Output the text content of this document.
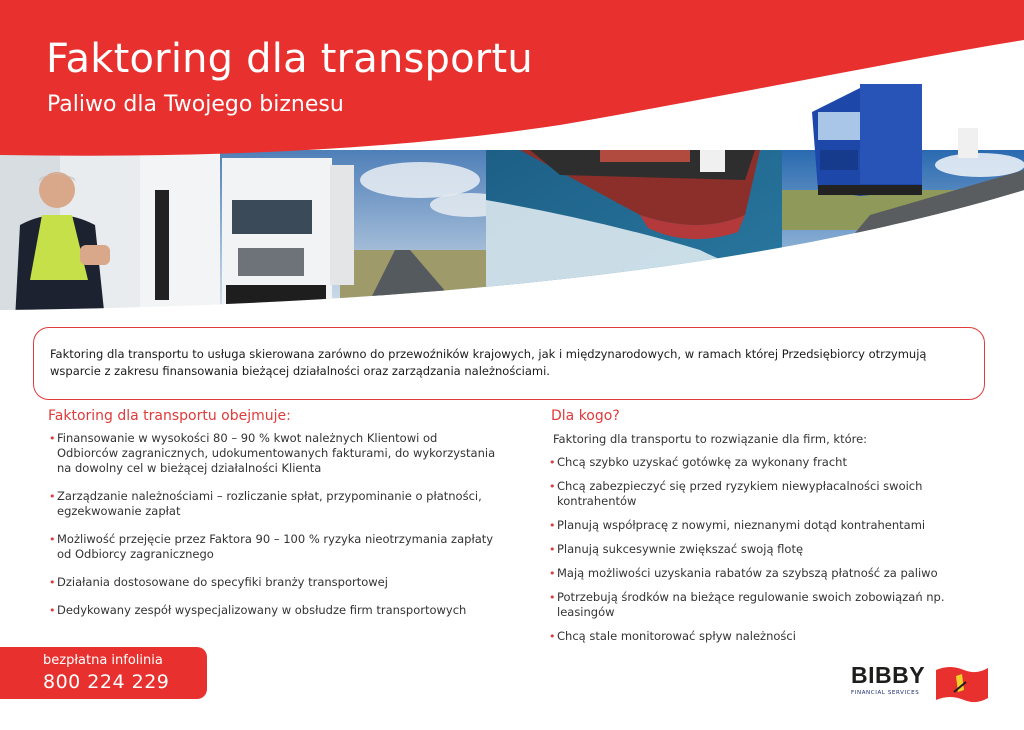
Faktoring dla transportu
Paliwo dla Twojego biznesu
Faktoring dla transportu to usługa skierowana zarówno do przewoźników krajowych, jak i międzynarodowych, w ramach której Przedsiębiorcy otrzymują wsparcie z zakresu finansowania bieżącej działalności oraz zarządzania należnościami.
Faktoring dla transportu obejmuje:
• Finansowanie w wysokości 80 – 90 % kwot należnych Klientowi od Odbiorców zagranicznych, udokumentowanych fakturami, do wykorzystania na dowolny cel w bieżącej działalności Klienta
• Zarządzanie należnościami – rozliczanie spłat, przypominanie o płatności, egzekwowanie zapłat
• Możliwość przejęcie przez Faktora 90 – 100 % ryzyka nieotrzymania zapłaty od Odbiorcy zagranicznego
• Działania dostosowane do specyfiki branży transportowej
• Dedykowany zespół wyspecjalizowany w obsłudze firm transportowych
Dla kogo?

Faktoring dla transportu to rozwiązanie dla firm, które:

• Chcą szybko uzyskać gotówkę za wykonany fracht
• Chcą zabezpieczyć się przed ryzykiem niewypłacalności swoich kontrahentów
• Planują współpracę z nowymi, nieznanymi dotąd kontrahentami
• Planują sukcesywnie zwiększać swoją flotę
• Mają możliwości uzyskania rabatów za szybszą płatność za paliwo
• Potrzebują środków na bieżące regulowanie swoich zobowiązań np. leasingów
• Chcą stale monitorować spływ należności
bezpłatna infolinia
800 224 229	BIBBY
FINANCIAL SERVICES
